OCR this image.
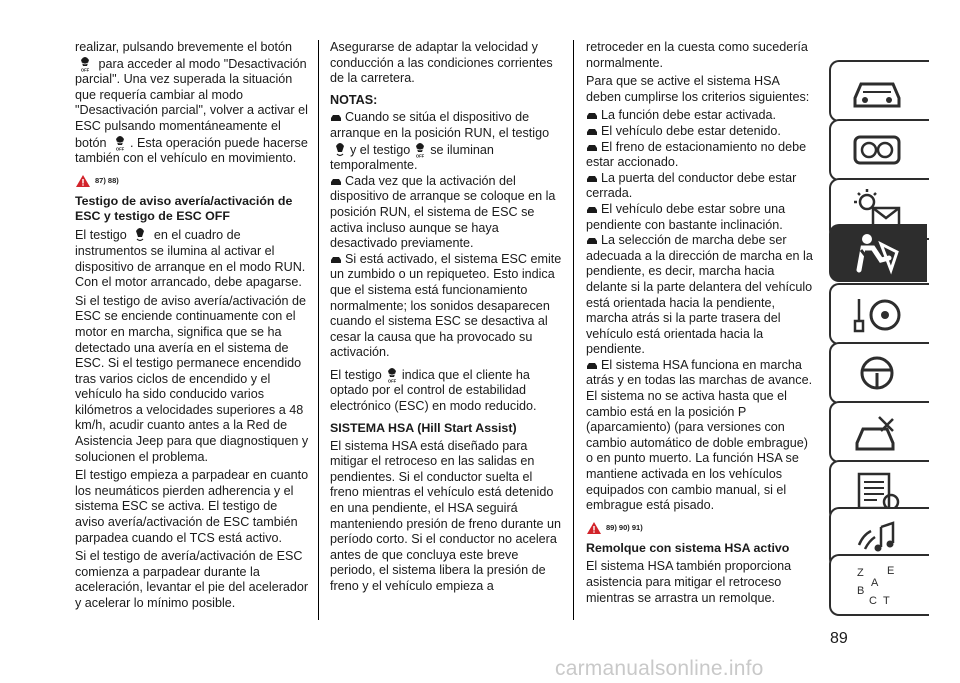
realizar, pulsando brevemente el botón
para acceder al modo "Desactivación parcial". Una vez superada la situación que requería cambiar al modo "Desactivación parcial", volver a activar el ESC pulsando momentáneamente el
botón . Esta operación puede hacerse también con el vehículo en movimiento.

87) 88)
Testigo de aviso avería/activación de ESC y testigo de ESC OFF

El testigo en el cuadro de instrumentos se ilumina al activar el dispositivo de arranque en el modo RUN. Con el motor arrancado, debe apagarse.

Si el testigo de aviso avería/activación de ESC se enciende continuamente con el motor en marcha, significa que se ha detectado una avería en el sistema de ESC. Si el testigo permanece encendido tras varios ciclos de encendido y el vehículo ha sido conducido varios kilómetros a velocidades superiores a 48 km/h, acudir cuanto antes a la Red de Asistencia Jeep para que diagnostiquen y solucionen el problema.

El testigo empieza a parpadear en cuanto los neumáticos pierden adherencia y el sistema ESC se activa. El testigo de aviso avería/activación de ESC también parpadea cuando el TCS está activo.

Si el testigo de avería/activación de ESC comienza a parpadear durante la aceleración, levantar el pie del acelerador y acelerar lo mínimo posible.

Asegurarse de adaptar la velocidad y conducción a las condiciones corrientes de la carretera.

NOTAS:

Cuando se sitúa el dispositivo de arranque en la posición RUN, el testigo y el testigo se iluminan temporalmente.

Cada vez que la activación del dispositivo de arranque se coloque en la posición RUN, el sistema de ESC se activa incluso aunque se haya desactivado previamente.

Si está activado, el sistema ESC emite un zumbido o un repiqueteo. Esto indica que el sistema está funcionamiento normalmente; los sonidos desaparecen cuando el sistema ESC se desactiva al cesar la causa que ha provocado su activación.

El testigo indica que el cliente ha optado por el control de estabilidad electrónico (ESC) en modo reducido.

SISTEMA HSA (Hill Start Assist)

El sistema HSA está diseñado para mitigar el retroceso en las salidas en pendientes. Si el conductor suelta el freno mientras el vehículo está detenido en una pendiente, el HSA seguirá manteniendo presión de freno durante un período corto. Si el conductor no acelera antes de que concluya este breve periodo, el sistema libera la presión de freno y el vehículo empieza a

retroceder en la cuesta como sucedería normalmente.

Para que se active el sistema HSA deben cumplirse los criterios siguientes:

La función debe estar activada.

El vehículo debe estar detenido.

El freno de estacionamiento no debe estar accionado.

La puerta del conductor debe estar cerrada.

El vehículo debe estar sobre una pendiente con bastante inclinación.

La selección de marcha debe ser adecuada a la dirección de marcha en la pendiente, es decir, marcha hacia delante si la parte delantera del vehículo está orientada hacia la pendiente, marcha atrás si la parte trasera del vehículo está orientada hacia la pendiente.

El sistema HSA funciona en marcha atrás y en todas las marchas de avance. El sistema no se activa hasta que el cambio está en la posición P (aparcamiento) (para versiones con cambio automático de doble embrague) o en punto muerto. La función HSA se mantiene activada en los vehículos equipados con cambio manual, si el embrague está pisado.

89) 90) 91)
Remolque con sistema HSA activo

El sistema HSA también proporciona asistencia para mitigar el retroceso mientras se arrastra un remolque.

Z E
A
B
C T
89
carmanualsonline.info
